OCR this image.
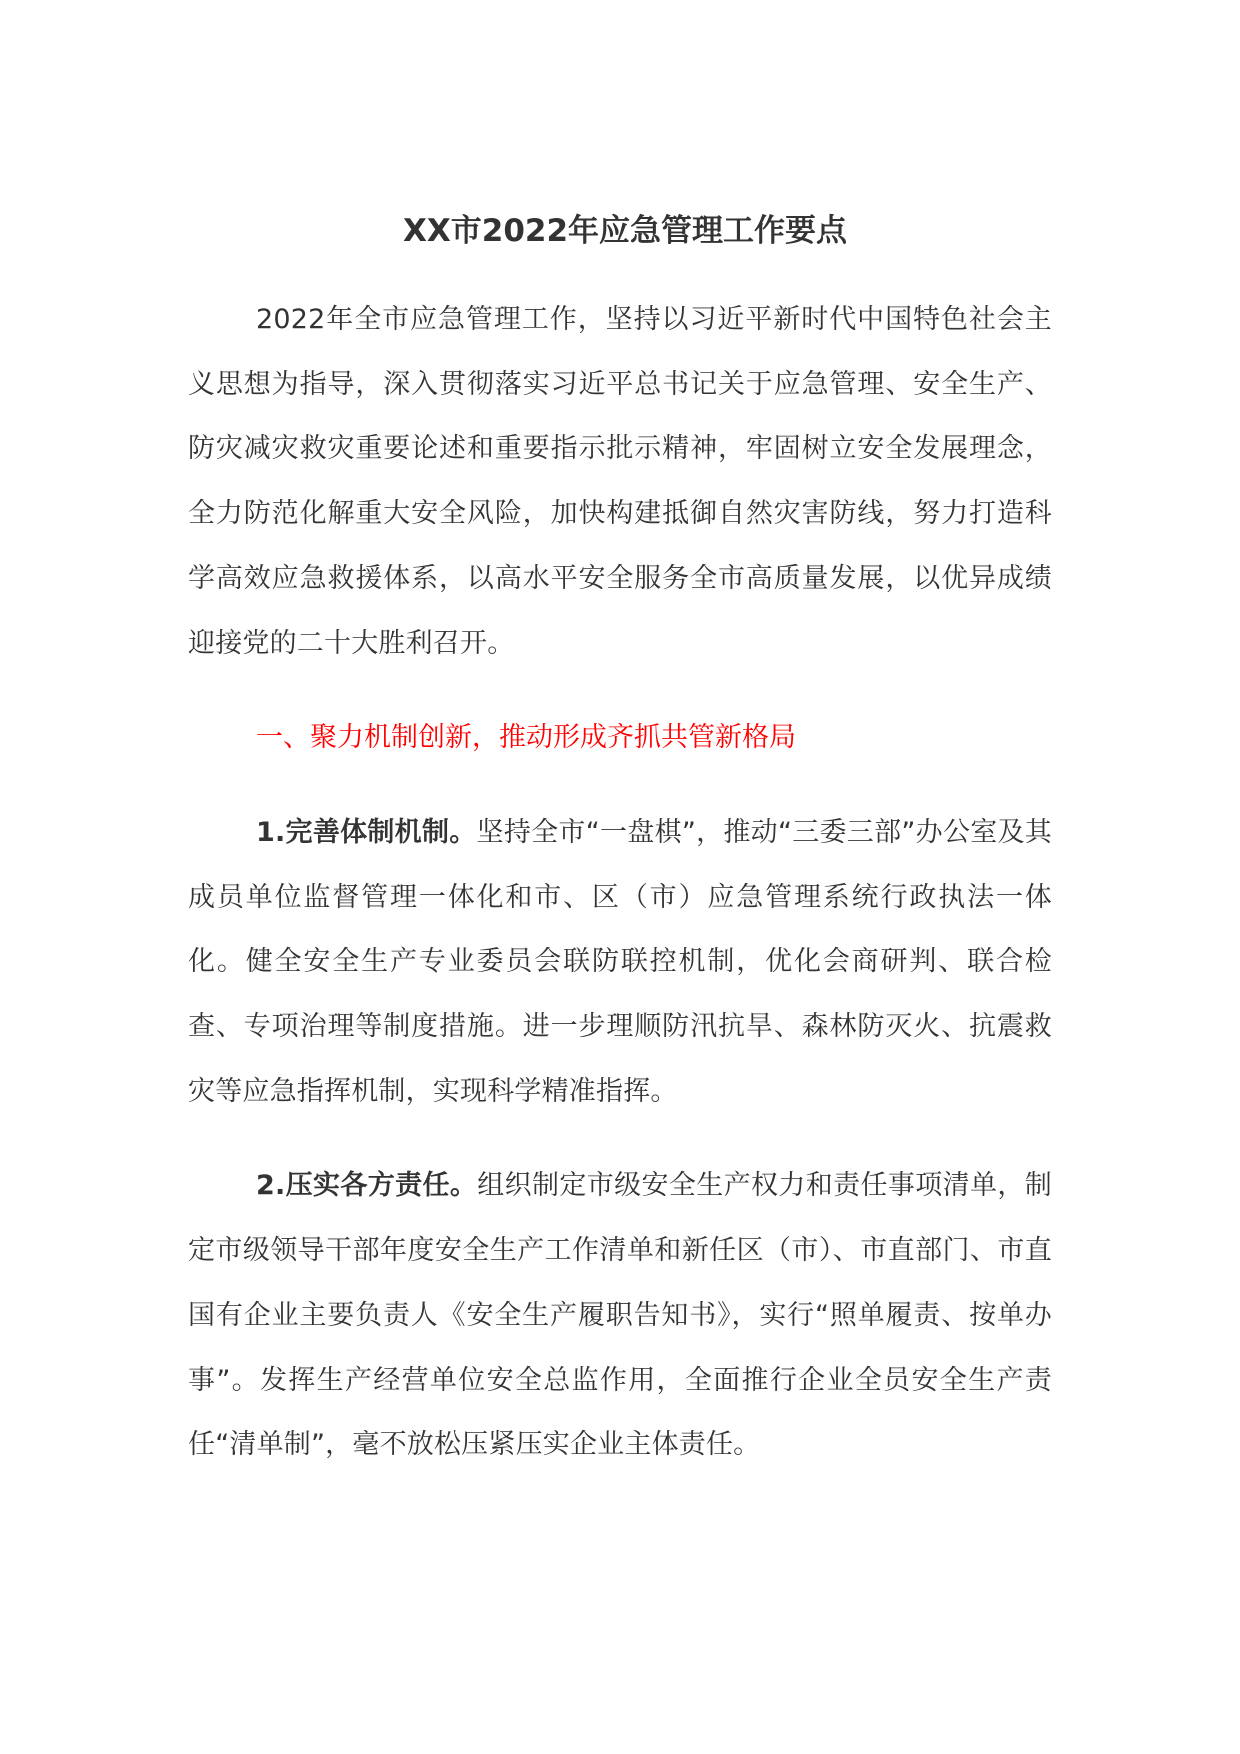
XX市2022年应急管理工作要点

2022年全市应急管理工作，坚持以习近平新时代中国特色社会主义思想为指导，深入贯彻落实习近平总书记关于应急管理、安全生产、防灾减灾救灾重要论述和重要指示批示精神，牢固树立安全发展理念，全力防范化解重大安全风险，加快构建抵御自然灾害防线，努力打造科学高效应急救援体系，以高水平安全服务全市高质量发展，以优异成绩迎接党的二十大胜利召开。

一、聚力机制创新，推动形成齐抓共管新格局

1.完善体制机制。坚持全市“一盘棋”，推动“三委三部”办公室及其成员单位监督管理一体化和市、区（市）应急管理系统行政执法一体化。健全安全生产专业委员会联防联控机制，优化会商研判、联合检查、专项治理等制度措施。进一步理顺防汛抗旱、森林防灭火、抗震救灾等应急指挥机制，实现科学精准指挥。

2.压实各方责任。组织制定市级安全生产权力和责任事项清单，制定市级领导干部年度安全生产工作清单和新任区（市）、市直部门、市直国有企业主要负责人《安全生产履职告知书》，实行“照单履责、按单办事”。发挥生产经营单位安全总监作用，全面推行企业全员安全生产责任“清单制”，毫不放松压紧压实企业主体责任。
